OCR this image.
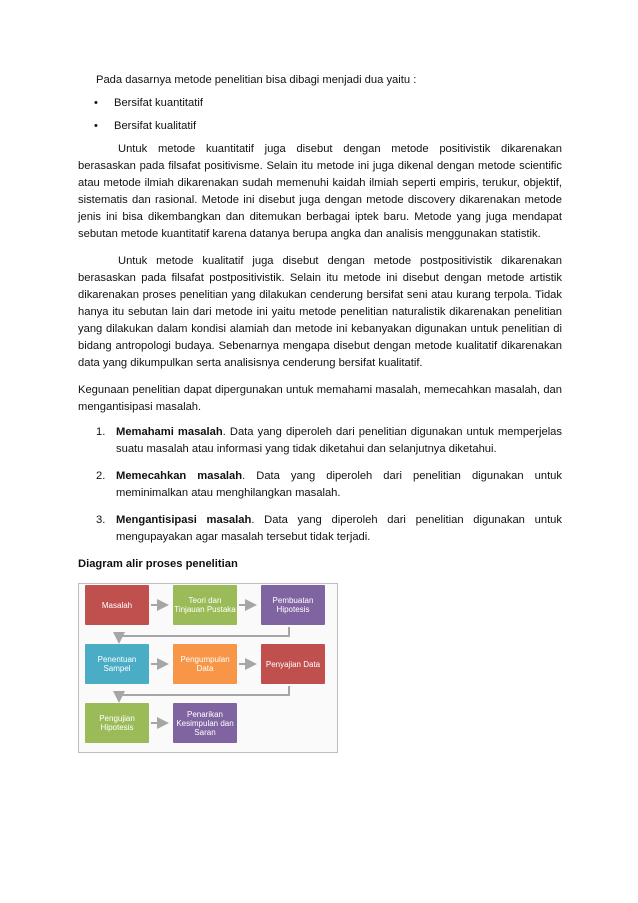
Pada dasarnya metode penelitian bisa dibagi menjadi dua yaitu :

• Bersifat kuantitatif
• Bersifat kualitatif

Untuk metode kuantitatif juga disebut dengan metode positivistik dikarenakan berasaskan pada filsafat positivisme. Selain itu metode ini juga dikenal dengan metode scientific atau metode ilmiah dikarenakan sudah memenuhi kaidah ilmiah seperti empiris, terukur, objektif, sistematis dan rasional. Metode ini disebut juga dengan metode discovery dikarenakan metode jenis ini bisa dikembangkan dan ditemukan berbagai iptek baru. Metode yang juga mendapat sebutan metode kuantitatif karena datanya berupa angka dan analisis menggunakan statistik.

Untuk metode kualitatif juga disebut dengan metode postpositivistik dikarenakan berasaskan pada filsafat postpositivistik. Selain itu metode ini disebut dengan metode artistik dikarenakan proses penelitian yang dilakukan cenderung bersifat seni atau kurang terpola. Tidak hanya itu sebutan lain dari metode ini yaitu metode penelitian naturalistik dikarenakan penelitian yang dilakukan dalam kondisi alamiah dan metode ini kebanyakan digunakan untuk penelitian di bidang antropologi budaya. Sebenarnya mengapa disebut dengan metode kualitatif dikarenakan data yang dikumpulkan serta analisisnya cenderung bersifat kualitatif.

Kegunaan penelitian dapat dipergunakan untuk memahami masalah, memecahkan masalah, dan mengantisipasi masalah.

1. Memahami masalah. Data yang diperoleh dari penelitian digunakan untuk memperjelas suatu masalah atau informasi yang tidak diketahui dan selanjutnya diketahui.
2. Memecahkan masalah. Data yang diperoleh dari penelitian digunakan untuk meminimalkan atau menghilangkan masalah.
3. Mengantisipasi masalah. Data yang diperoleh dari penelitian digunakan untuk mengupayakan agar masalah tersebut tidak terjadi.

Diagram alir proses penelitian

Masalah	Teori dan Tinjauan Pustaka
Pembuatan Hipotesis
Penentuan Sampel
Pengumpulan Data	Penyajian Data
Pengujian Hipotesis
Penarikan Kesimpulan dan Saran
